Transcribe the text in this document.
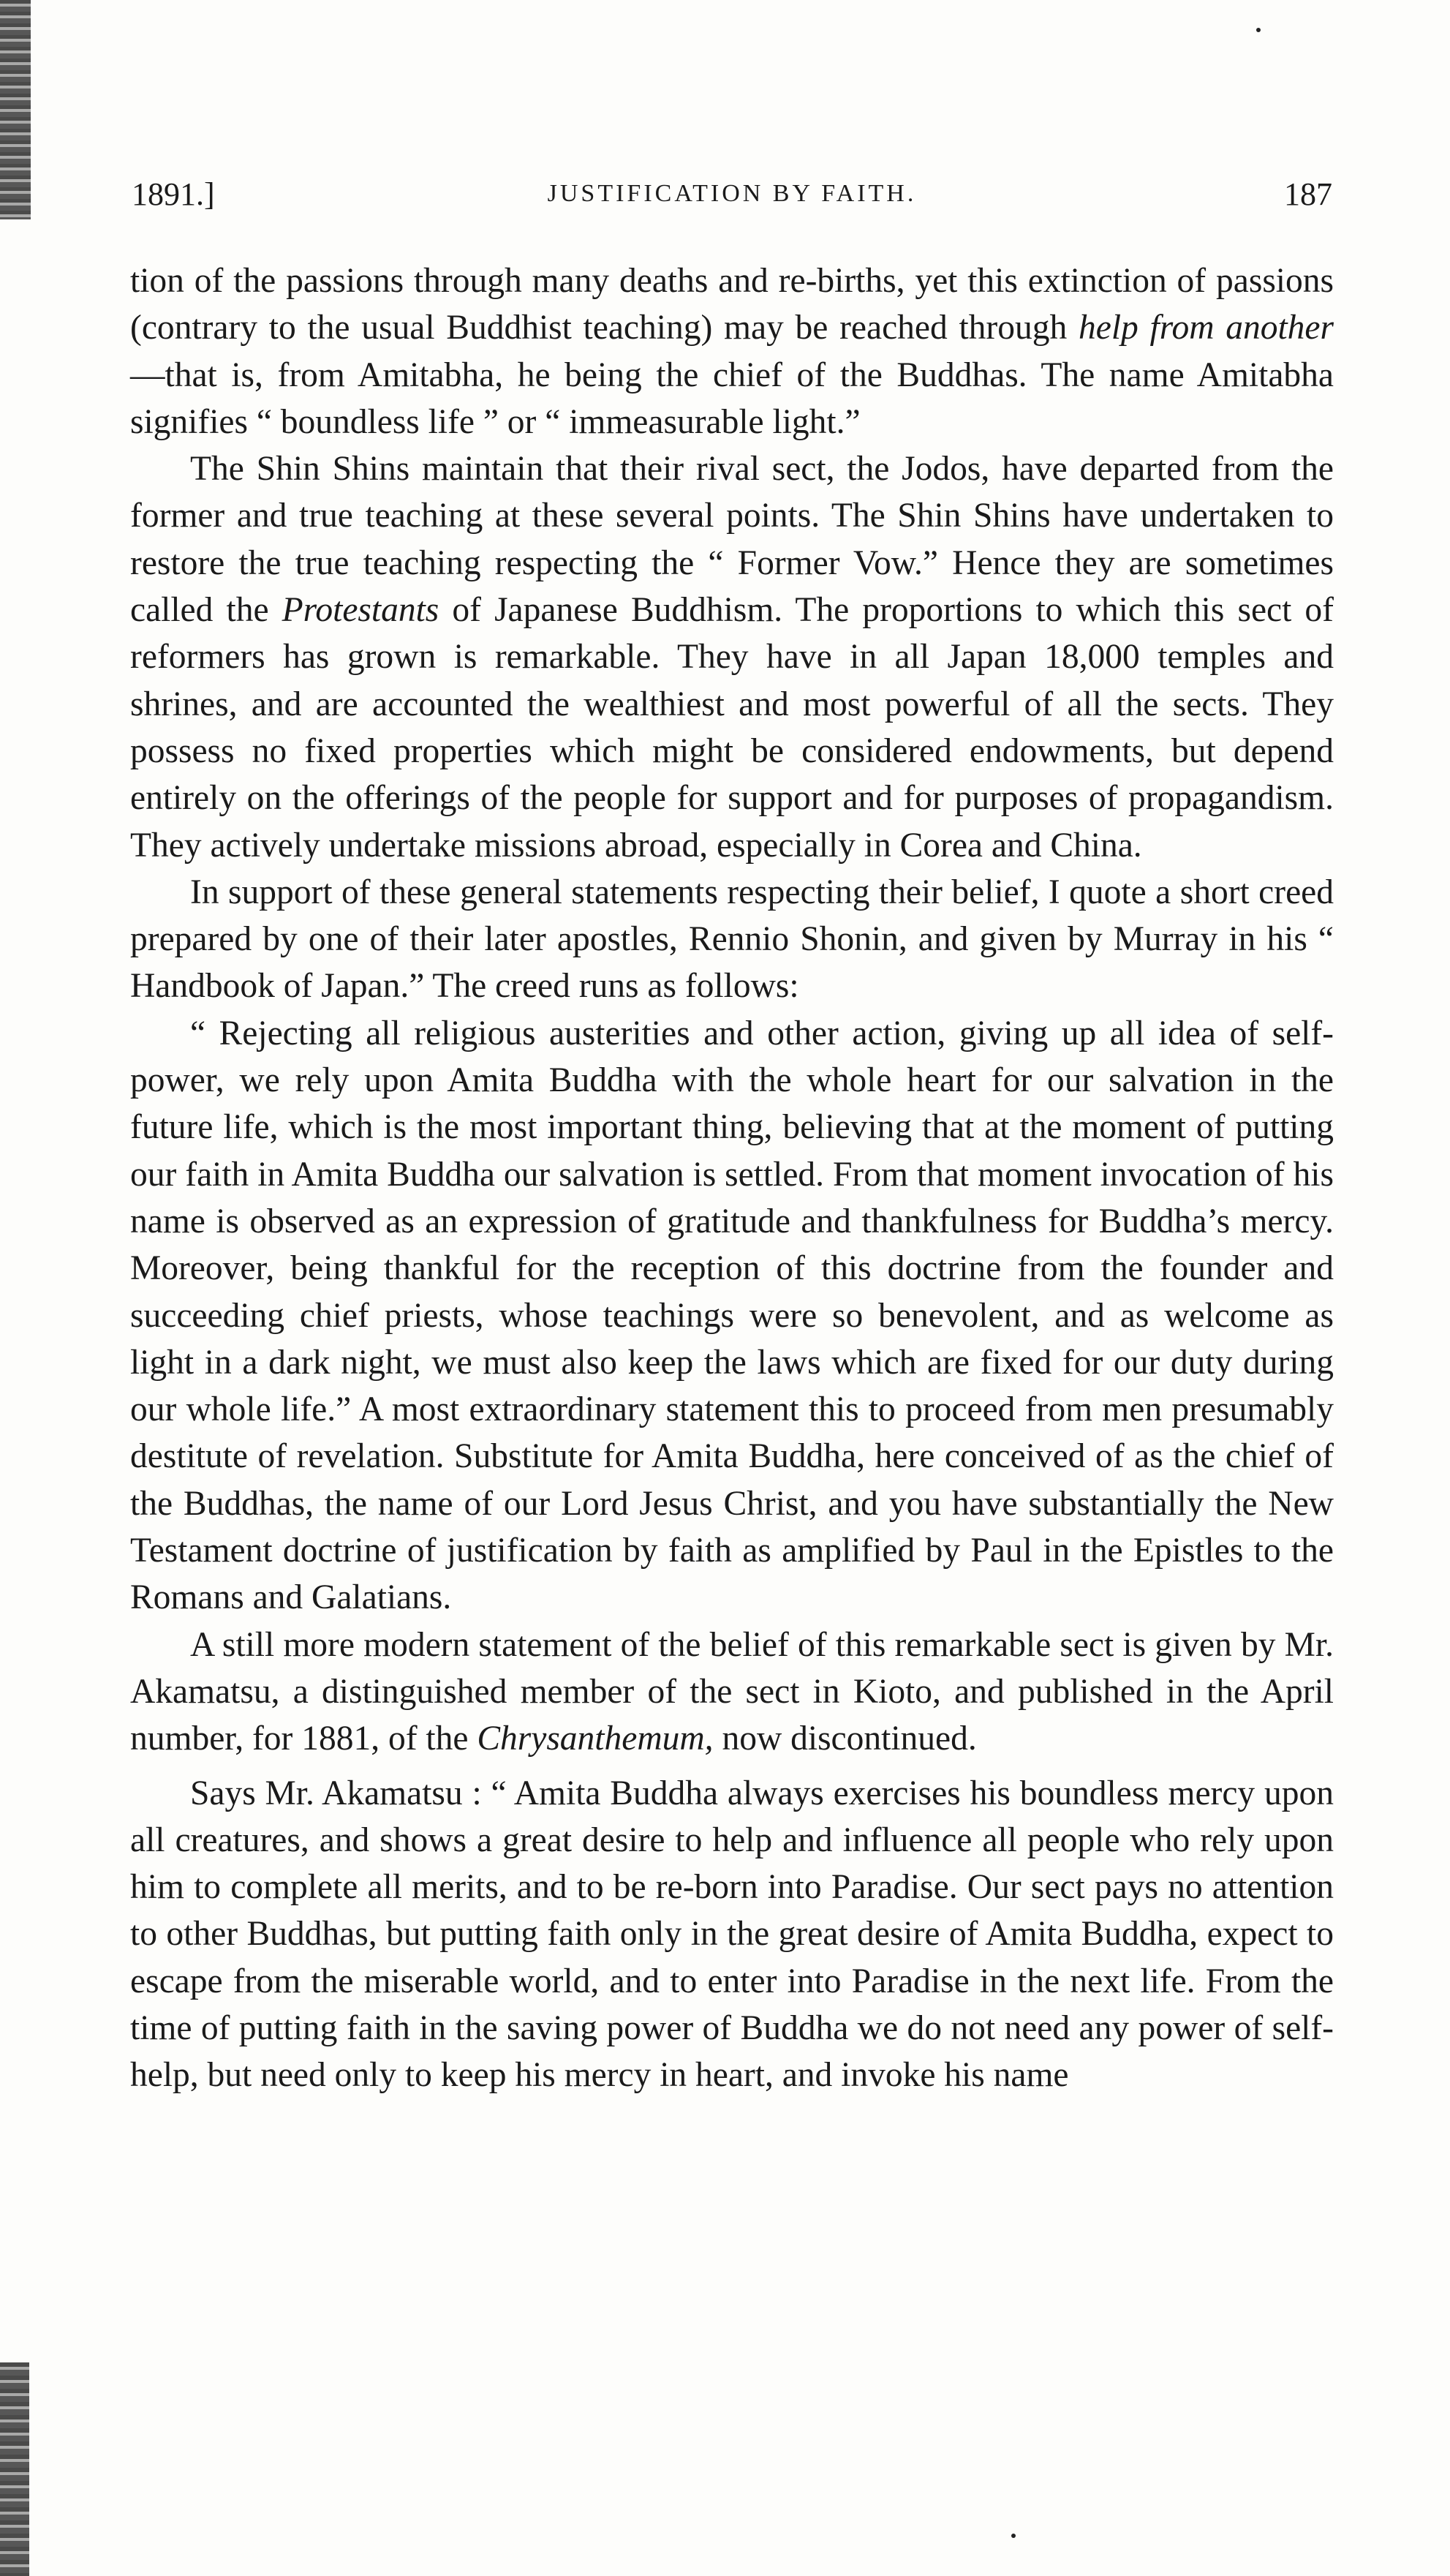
1891.]	JUSTIFICATION BY FAITH.	187

tion of the passions through many deaths and re-births, yet this extinction of passions (contrary to the usual Buddhist teaching) may be reached through help from another—that is, from Amitabha, he being the chief of the Buddhas. The name Amitabha signifies “ boundless life ” or “ immeasurable light.”

The Shin Shins maintain that their rival sect, the Jodos, have departed from the former and true teaching at these several points. The Shin Shins have undertaken to restore the true teaching respecting the “ Former Vow.” Hence they are sometimes called the Protestants of Japanese Buddhism. The proportions to which this sect of reformers has grown is remarkable. They have in all Japan 18,000 temples and shrines, and are accounted the wealthiest and most powerful of all the sects. They possess no fixed properties which might be considered endowments, but depend entirely on the offerings of the people for support and for purposes of propagandism. They actively undertake missions abroad, especially in Corea and China.

In support of these general statements respecting their belief, I quote a short creed prepared by one of their later apostles, Rennio Shonin, and given by Murray in his “ Handbook of Japan.” The creed runs as follows:

“ Rejecting all religious austerities and other action, giving up all idea of self-power, we rely upon Amita Buddha with the whole heart for our salvation in the future life, which is the most important thing, believing that at the moment of putting our faith in Amita Buddha our salvation is settled. From that moment invocation of his name is observed as an expression of gratitude and thankfulness for Buddha’s mercy. Moreover, being thankful for the reception of this doctrine from the founder and succeeding chief priests, whose teachings were so benevolent, and as welcome as light in a dark night, we must also keep the laws which are fixed for our duty during our whole life.” A most extraordinary statement this to proceed from men presumably destitute of revelation. Substitute for Amita Buddha, here conceived of as the chief of the Buddhas, the name of our Lord Jesus Christ, and you have substantially the New Testament doctrine of justification by faith as amplified by Paul in the Epistles to the Romans and Galatians.

A still more modern statement of the belief of this remarkable sect is given by Mr. Akamatsu, a distinguished member of the sect in Kioto, and published in the April number, for 1881, of the Chrysanthemum, now discontinued.

Says Mr. Akamatsu : “ Amita Buddha always exercises his boundless mercy upon all creatures, and shows a great desire to help and influence all people who rely upon him to complete all merits, and to be re-born into Paradise. Our sect pays no attention to other Buddhas, but putting faith only in the great desire of Amita Buddha, expect to escape from the miserable world, and to enter into Paradise in the next life. From the time of putting faith in the saving power of Buddha we do not need any power of self-help, but need only to keep his mercy in heart, and invoke his name
